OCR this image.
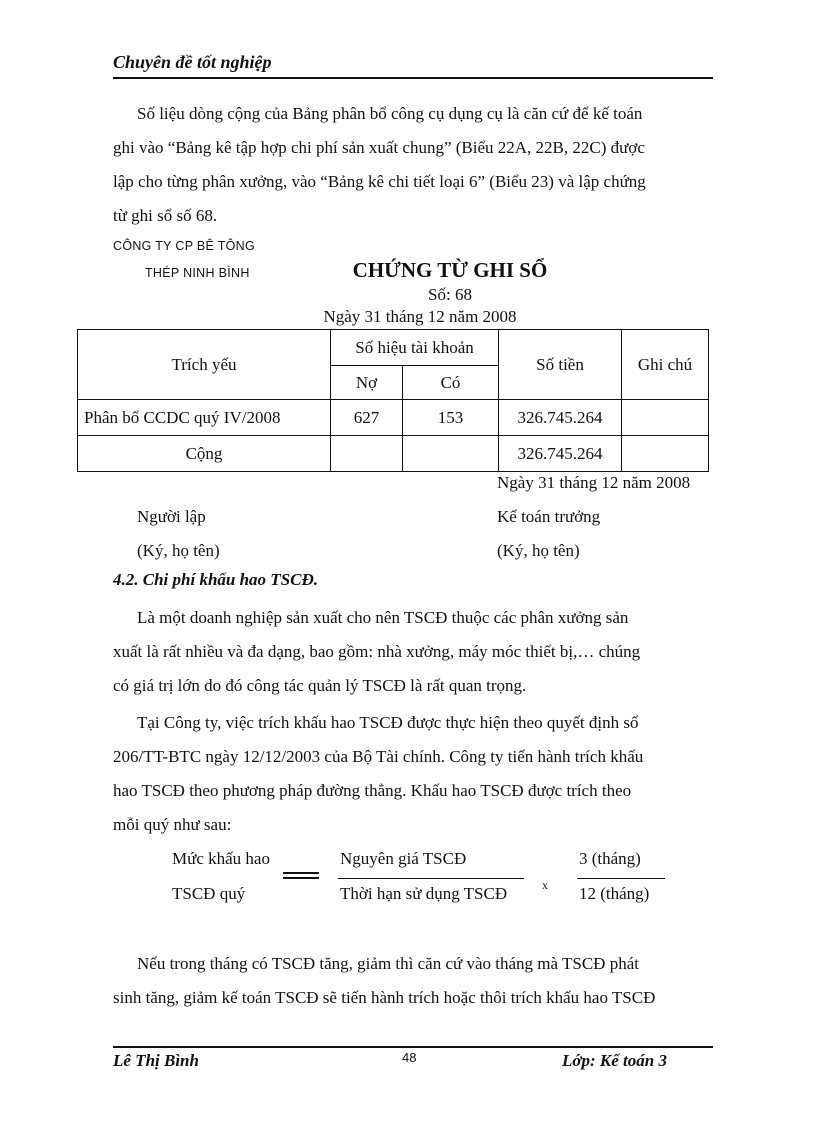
Chuyên đề tốt nghiệp
Số liệu dòng cộng của Bảng phân bổ công cụ dụng cụ là căn cứ để kế toán
ghi vào “Bảng kê tập hợp chi phí sản xuất chung” (Biểu 22A, 22B, 22C) được
lập cho từng phân xưởng, vào “Bảng kê chi tiết loại 6” (Biểu 23) và lập chứng
từ ghi sổ số 68.
CÔNG TY CP BÊ TÔNG
THÉP NINH BÌNH	CHỨNG TỪ GHI SỔ
Số: 68
Ngày 31 tháng 12 năm 2008
Trích yếu	Số hiệu tài khoản		Số tiền	Ghi chú
	Nợ	Có		
Phân bổ CCDC quý IV/2008	627	153	326.745.264	
Cộng			326.745.264	
Ngày 31 tháng 12 năm 2008
Người lập
(Ký, họ tên)
Kế toán trưởng
(Ký, họ tên)
4.2. Chi phí khấu hao TSCĐ.
Là một doanh nghiệp sản xuất cho nên TSCĐ thuộc các phân xưởng sản
xuất là rất nhiều và đa dạng, bao gồm: nhà xưởng, máy móc thiết bị,… chúng
có giá trị lớn do đó công tác quản lý TSCĐ là rất quan trọng.
Tại Công ty, việc trích khấu hao TSCĐ được thực hiện theo quyết định số
206/TT-BTC ngày 12/12/2003 của Bộ Tài chính. Công ty tiến hành trích khấu
hao TSCĐ theo phương pháp đường thẳng. Khấu hao TSCĐ được trích theo
mỗi quý như sau:
Mức khấu hao
TSCĐ quý
Nguyên giá TSCĐ
Thời hạn sử dụng TSCĐ	x
3 (tháng)
12 (tháng)
Nếu trong tháng có TSCĐ tăng, giảm thì căn cứ vào tháng mà TSCĐ phát
sinh tăng, giảm kế toán TSCĐ sẽ tiến hành trích hoặc thôi trích khấu hao TSCĐ
Lê Thị Bình	48	Lớp: Kế toán 3
